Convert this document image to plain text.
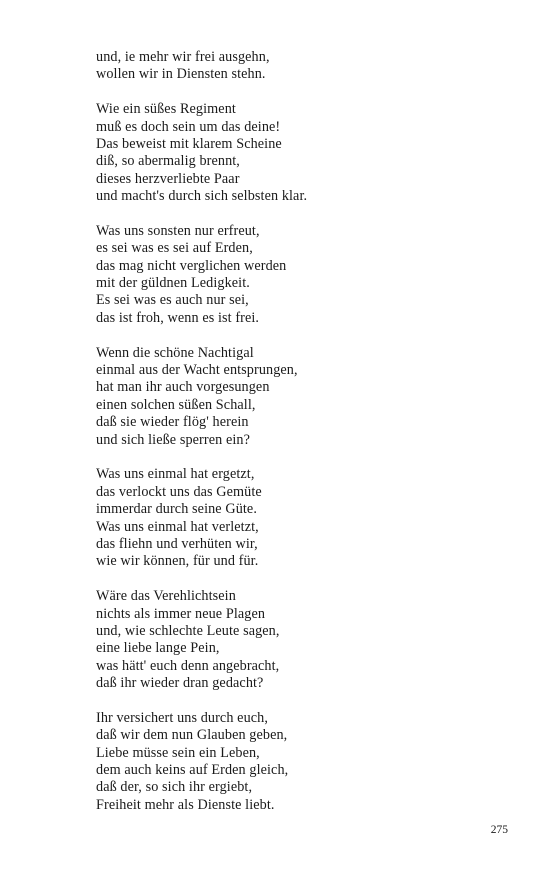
und, ie mehr wir frei ausgehn,
wollen wir in Diensten stehn.
Wie ein süßes Regiment
muß es doch sein um das deine!
Das beweist mit klarem Scheine
diß, so abermalig brennt,
dieses herzverliebte Paar
und macht's durch sich selbsten klar.
Was uns sonsten nur erfreut,
es sei was es sei auf Erden,
das mag nicht verglichen werden
mit der güldnen Ledigkeit.
Es sei was es auch nur sei,
das ist froh, wenn es ist frei.
Wenn die schöne Nachtigal
einmal aus der Wacht entsprungen,
hat man ihr auch vorgesungen
einen solchen süßen Schall,
daß sie wieder flög' herein
und sich ließe sperren ein?
Was uns einmal hat ergetzt,
das verlockt uns das Gemüte
immerdar durch seine Güte.
Was uns einmal hat verletzt,
das fliehn und verhüten wir,
wie wir können, für und für.
Wäre das Verehlichtsein
nichts als immer neue Plagen
und, wie schlechte Leute sagen,
eine liebe lange Pein,
was hätt' euch denn angebracht,
daß ihr wieder dran gedacht?
Ihr versichert uns durch euch,
daß wir dem nun Glauben geben,
Liebe müsse sein ein Leben,
dem auch keins auf Erden gleich,
daß der, so sich ihr ergiebt,
Freiheit mehr als Dienste liebt.
275
